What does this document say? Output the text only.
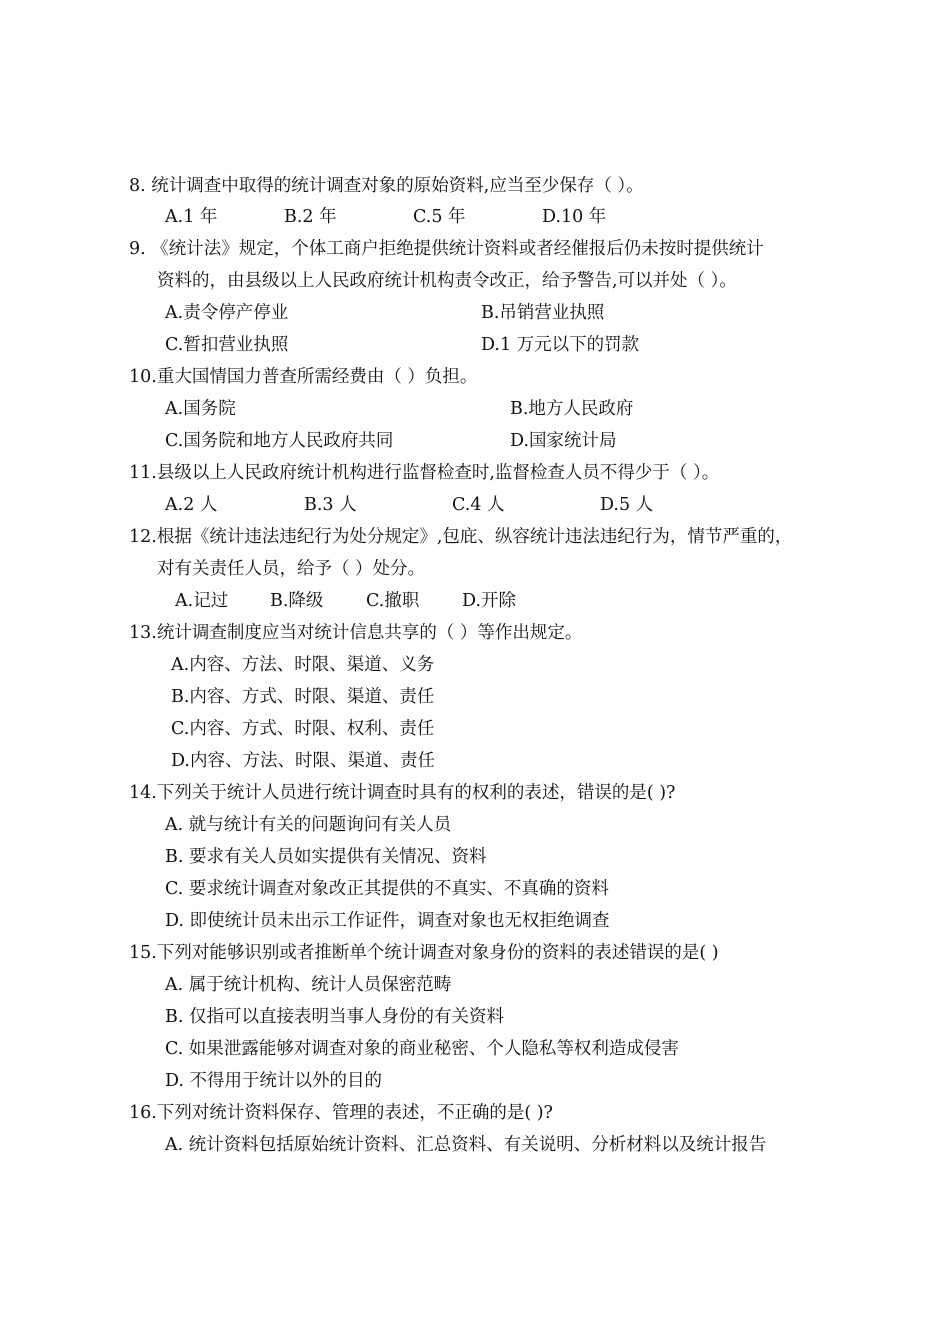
8. 统计调查中取得的统计调查对象的原始资料,应当至少保存（ ）。
A.1 年	B.2 年	C.5 年	D.10 年
9. 《统计法》规定，个体工商户拒绝提供统计资料或者经催报后仍未按时提供统计
资料的，由县级以上人民政府统计机构责令改正，给予警告,可以并处（ ）。
A.责令停产停业	B.吊销营业执照
C.暂扣营业执照	D.1 万元以下的罚款
10.重大国情国力普查所需经费由（ ）负担。
A.国务院	B.地方人民政府
C.国务院和地方人民政府共同	D.国家统计局
11.县级以上人民政府统计机构进行监督检查时,监督检查人员不得少于（ ）。
A.2 人	B.3 人	C.4 人	D.5 人
12.根据《统计违法违纪行为处分规定》,包庇、纵容统计违法违纪行为，情节严重的，
对有关责任人员，给予（ ）处分。
A.记过 B.降级 C.撤职 D.开除
13.统计调查制度应当对统计信息共享的（ ）等作出规定。
A.内容、方法、时限、渠道、义务
B.内容、方式、时限、渠道、责任
C.内容、方式、时限、权利、责任
D.内容、方法、时限、渠道、责任
14.下列关于统计人员进行统计调查时具有的权利的表述，错误的是( )?
A. 就与统计有关的问题询问有关人员
B. 要求有关人员如实提供有关情况、资料
C. 要求统计调查对象改正其提供的不真实、不真确的资料
D. 即使统计员未出示工作证件，调查对象也无权拒绝调查
15.下列对能够识别或者推断单个统计调查对象身份的资料的表述错误的是( )
A. 属于统计机构、统计人员保密范畴
B. 仅指可以直接表明当事人身份的有关资料
C. 如果泄露能够对调查对象的商业秘密、个人隐私等权利造成侵害
D. 不得用于统计以外的目的
16.下列对统计资料保存、管理的表述，不正确的是( )?
A. 统计资料包括原始统计资料、汇总资料、有关说明、分析材料以及统计报告
